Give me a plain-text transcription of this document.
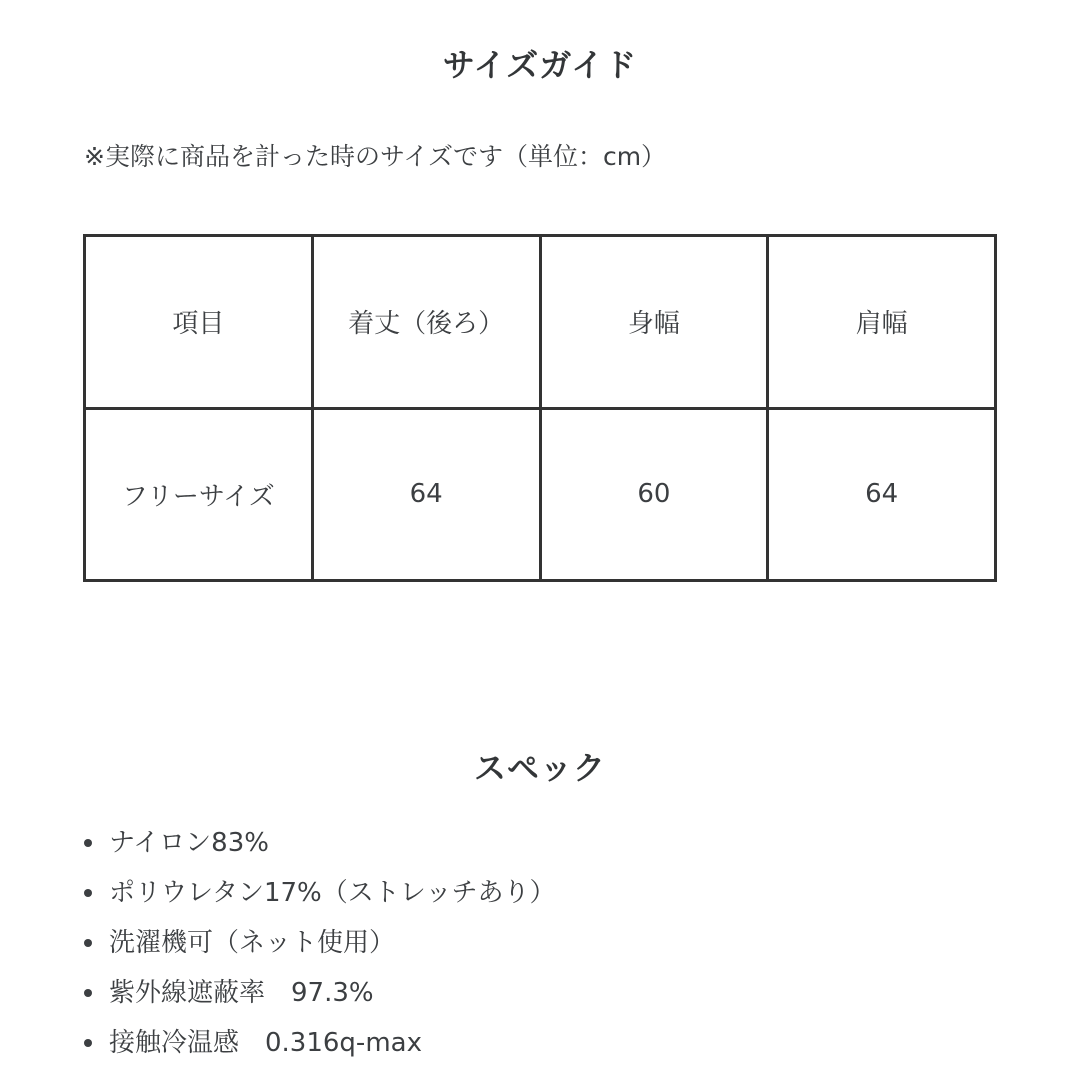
サイズガイド

※実際に商品を計った時のサイズです（単位：cm）

項目	着丈（後ろ）	身幅	肩幅
フリーサイズ	64	60	64
スペック
ナイロン83%
ポリウレタン17%（ストレッチあり）
洗濯機可（ネット使用）
紫外線遮蔽率　97.3%
接触冷温感　0.316q-max
